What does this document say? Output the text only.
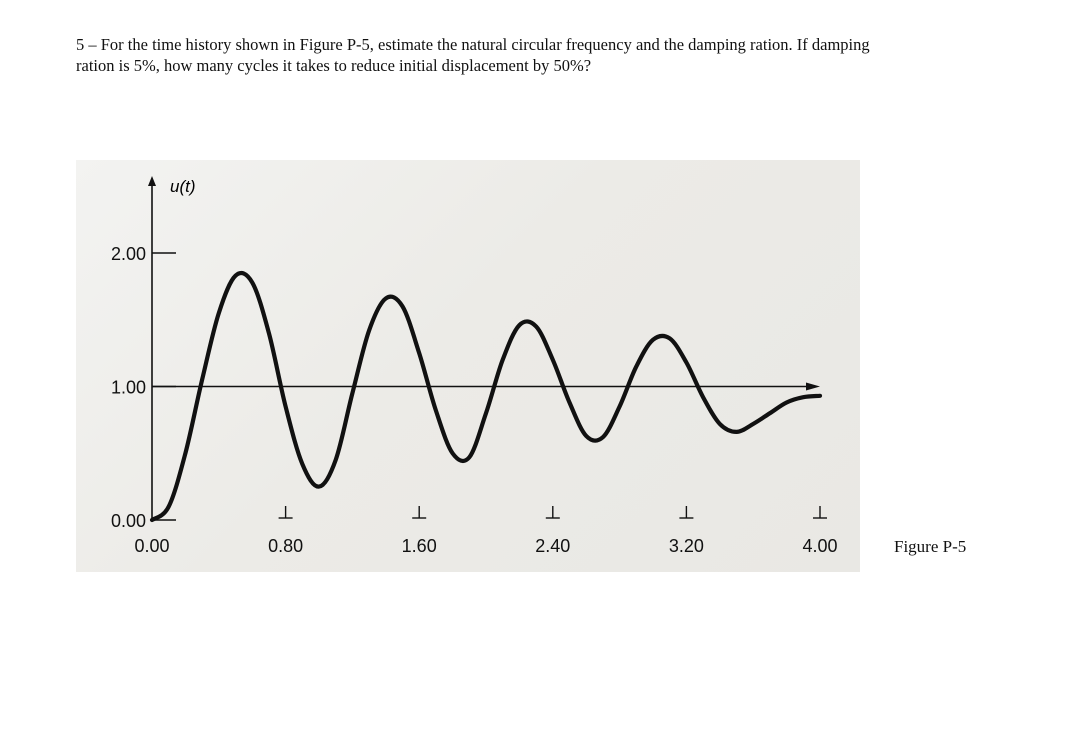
5 – For the time history shown in Figure P-5, estimate the natural circular frequency and the damping ration. If damping

ration is 5%, how many cycles it takes to reduce initial displacement by 50%?

0.00
1.00
2.00
0.00	0.80	1.60	2.40	3.20	4.00
u(t)
Figure P-5
